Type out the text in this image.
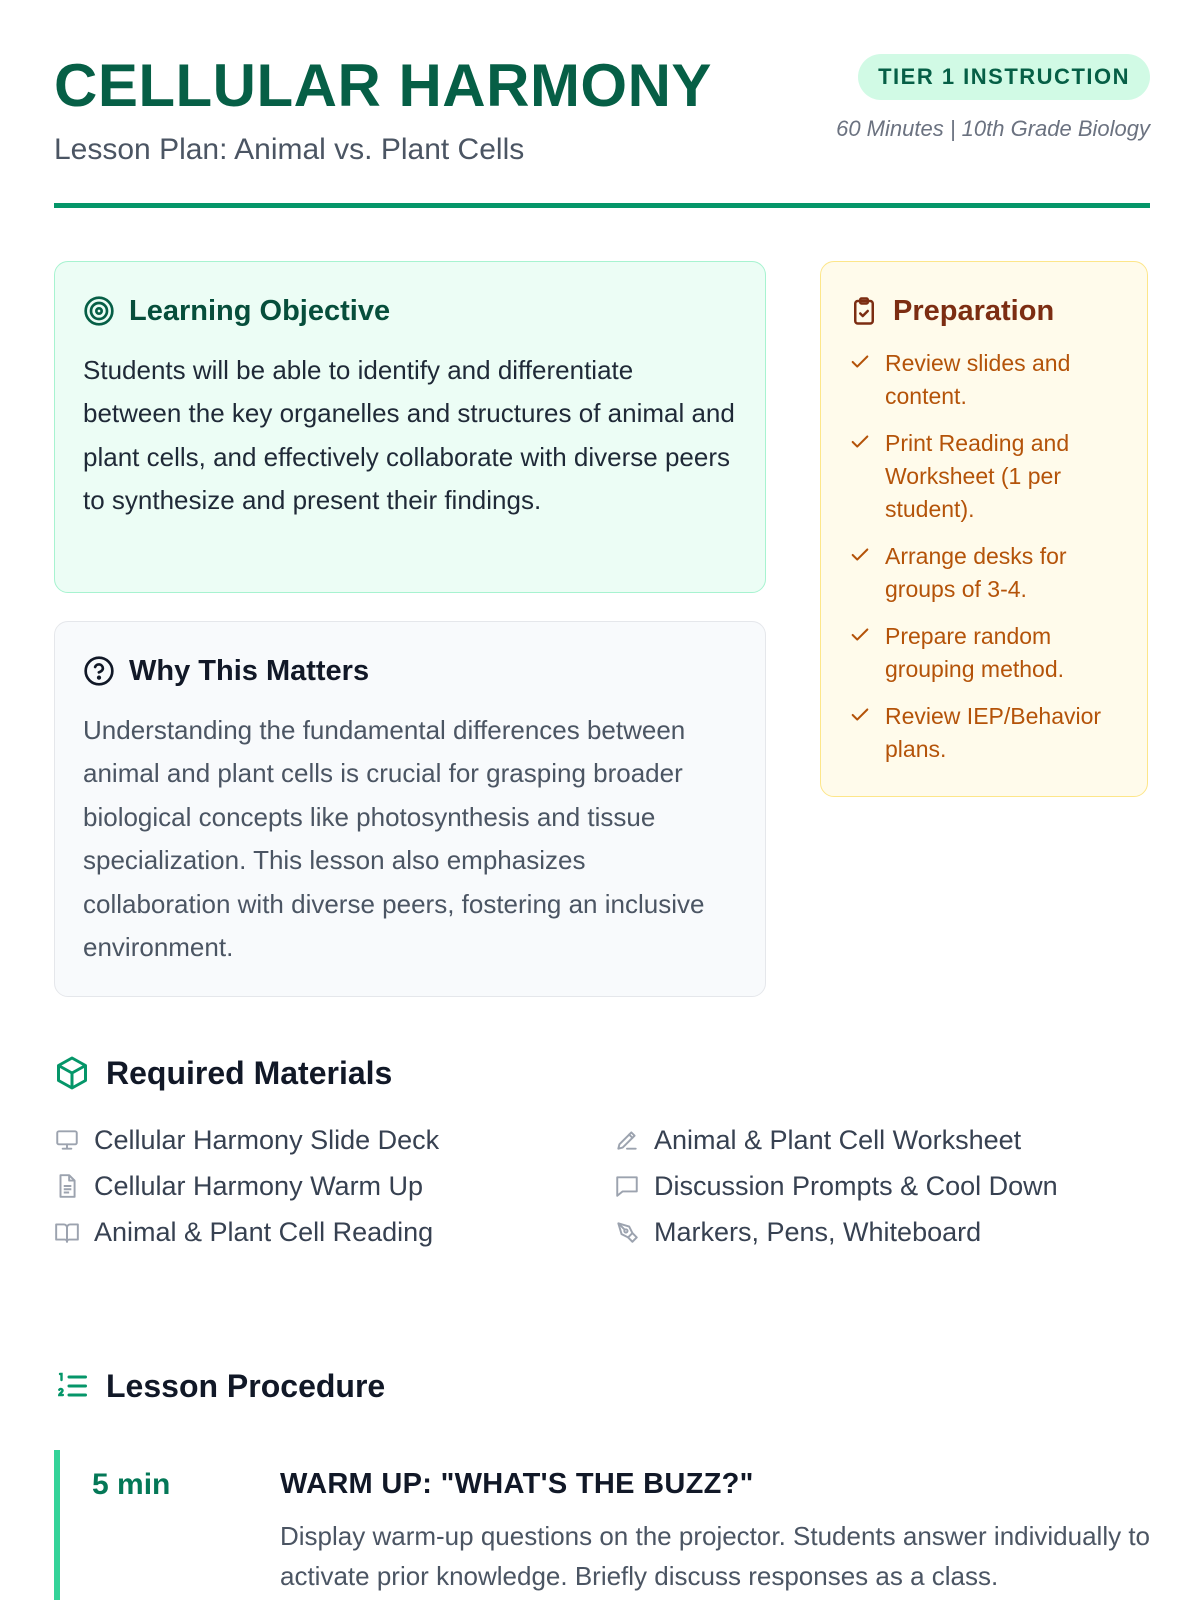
CELLULAR HARMONY
Lesson Plan: Animal vs. Plant Cells
TIER 1 INSTRUCTION
60 Minutes | 10th Grade Biology
Learning Objective

Students will be able to identify and differentiate between the key organelles and structures of animal and plant cells, and effectively collaborate with diverse peers to synthesize and present their findings.

Why This Matters

Understanding the fundamental differences between animal and plant cells is crucial for grasping broader biological concepts like photosynthesis and tissue specialization. This lesson also emphasizes collaboration with diverse peers, fostering an inclusive environment.

Preparation
Review slides and content.
Print Reading and Worksheet (1 per student).
Arrange desks for groups of 3-4.
Prepare random grouping method.
Review IEP/Behavior plans.
Required Materials
Cellular Harmony Slide Deck	Animal & Plant Cell Worksheet
Cellular Harmony Warm Up	Discussion Prompts & Cool Down
Animal & Plant Cell Reading	Markers, Pens, Whiteboard
Lesson Procedure
5 min	WARM UP: "WHAT'S THE BUZZ?"

Display warm-up questions on the projector. Students answer individually to activate prior knowledge. Briefly discuss responses as a class.
